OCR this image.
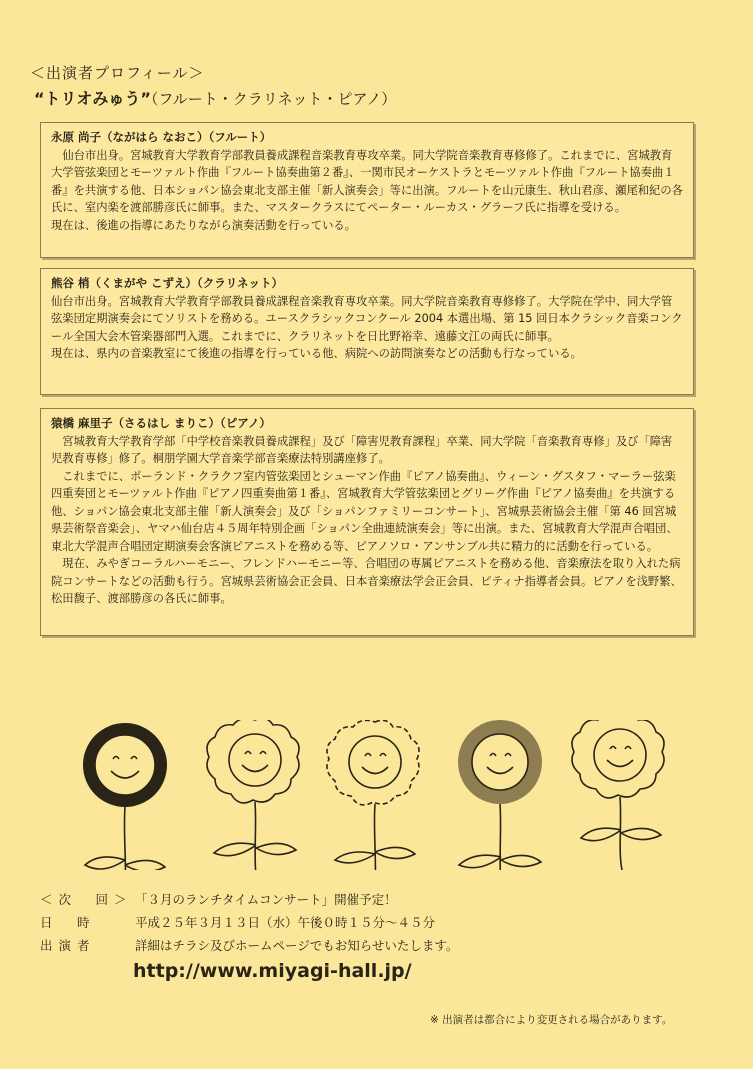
＜出演者プロフィール＞
“トリオみゅう”（フルート・クラリネット・ピアノ）
永原 尚子（ながはら なおこ）（フルート）

　仙台市出身。宮城教育大学教育学部教員養成課程音楽教育専攻卒業。同大学院音楽教育専修修了。これまでに、宮城教育大学管弦楽団とモーツァルト作曲『フルート協奏曲第２番』、一関市民オーケストラとモーツァルト作曲『フルート協奏曲１番』を共演する他、日本ショパン協会東北支部主催「新人演奏会」等に出演。フルートを山元康生、秋山君彦、瀬尾和紀の各氏に、室内楽を渡部勝彦氏に師事。また、マスタークラスにてペーター・ルーカス・グラーフ氏に指導を受ける。

現在は、後進の指導にあたりながら演奏活動を行っている。

熊谷 梢（くまがや こずえ）（クラリネット）

仙台市出身。宮城教育大学教育学部教員養成課程音楽教育専攻卒業。同大学院音楽教育専修修了。大学院在学中、同大学管弦楽団定期演奏会にてソリストを務める。ユースクラシックコンクール 2004 本選出場、第 15 回日本クラシック音楽コンクール全国大会木管楽器部門入選。これまでに、クラリネットを日比野裕幸、遠藤文江の両氏に師事。

現在は、県内の音楽教室にて後進の指導を行っている他、病院への訪問演奏などの活動も行なっている。

猿橋 麻里子（さるはし まりこ）（ピアノ）

　宮城教育大学教育学部「中学校音楽教員養成課程」及び「障害児教育課程」卒業、同大学院「音楽教育専修」及び「障害児教育専修」修了。桐朋学園大学音楽学部音楽療法特別講座修了。

　これまでに、ポーランド・クラクフ室内管弦楽団とシューマン作曲『ピアノ協奏曲』、ウィーン・グスタフ・マーラー弦楽四重奏団とモーツァルト作曲『ピアノ四重奏曲第１番』、宮城教育大学管弦楽団とグリーグ作曲『ピアノ協奏曲』を共演する他、ショパン協会東北支部主催「新人演奏会」及び「ショパンファミリーコンサート」、宮城県芸術協会主催「第 46 回宮城県芸術祭音楽会」、ヤマハ仙台店４５周年特別企画「ショパン全曲連続演奏会」等に出演。また、宮城教育大学混声合唱団、東北大学混声合唱団定期演奏会客演ピアニストを務める等、ピアノソロ・アンサンブル共に精力的に活動を行っている。

　現在、みやぎコーラルハーモニー、フレンドハーモニー等、合唱団の専属ピアニストを務める他、音楽療法を取り入れた病院コンサートなどの活動も行う。宮城県芸術協会正会員、日本音楽療法学会正会員、ピティナ指導者会員。ピアノを浅野繁、松田馥子、渡部勝彦の各氏に師事。

＜次　回＞ 「３月のランチタイムコンサート」開催予定！
日　時	平成２５年３月１３日（水）午後０時１５分～４５分
出演者	詳細はチラシ及びホームページでもお知らせいたします。
http://www.miyagi-hall.jp/
※ 出演者は都合により変更される場合があります。
